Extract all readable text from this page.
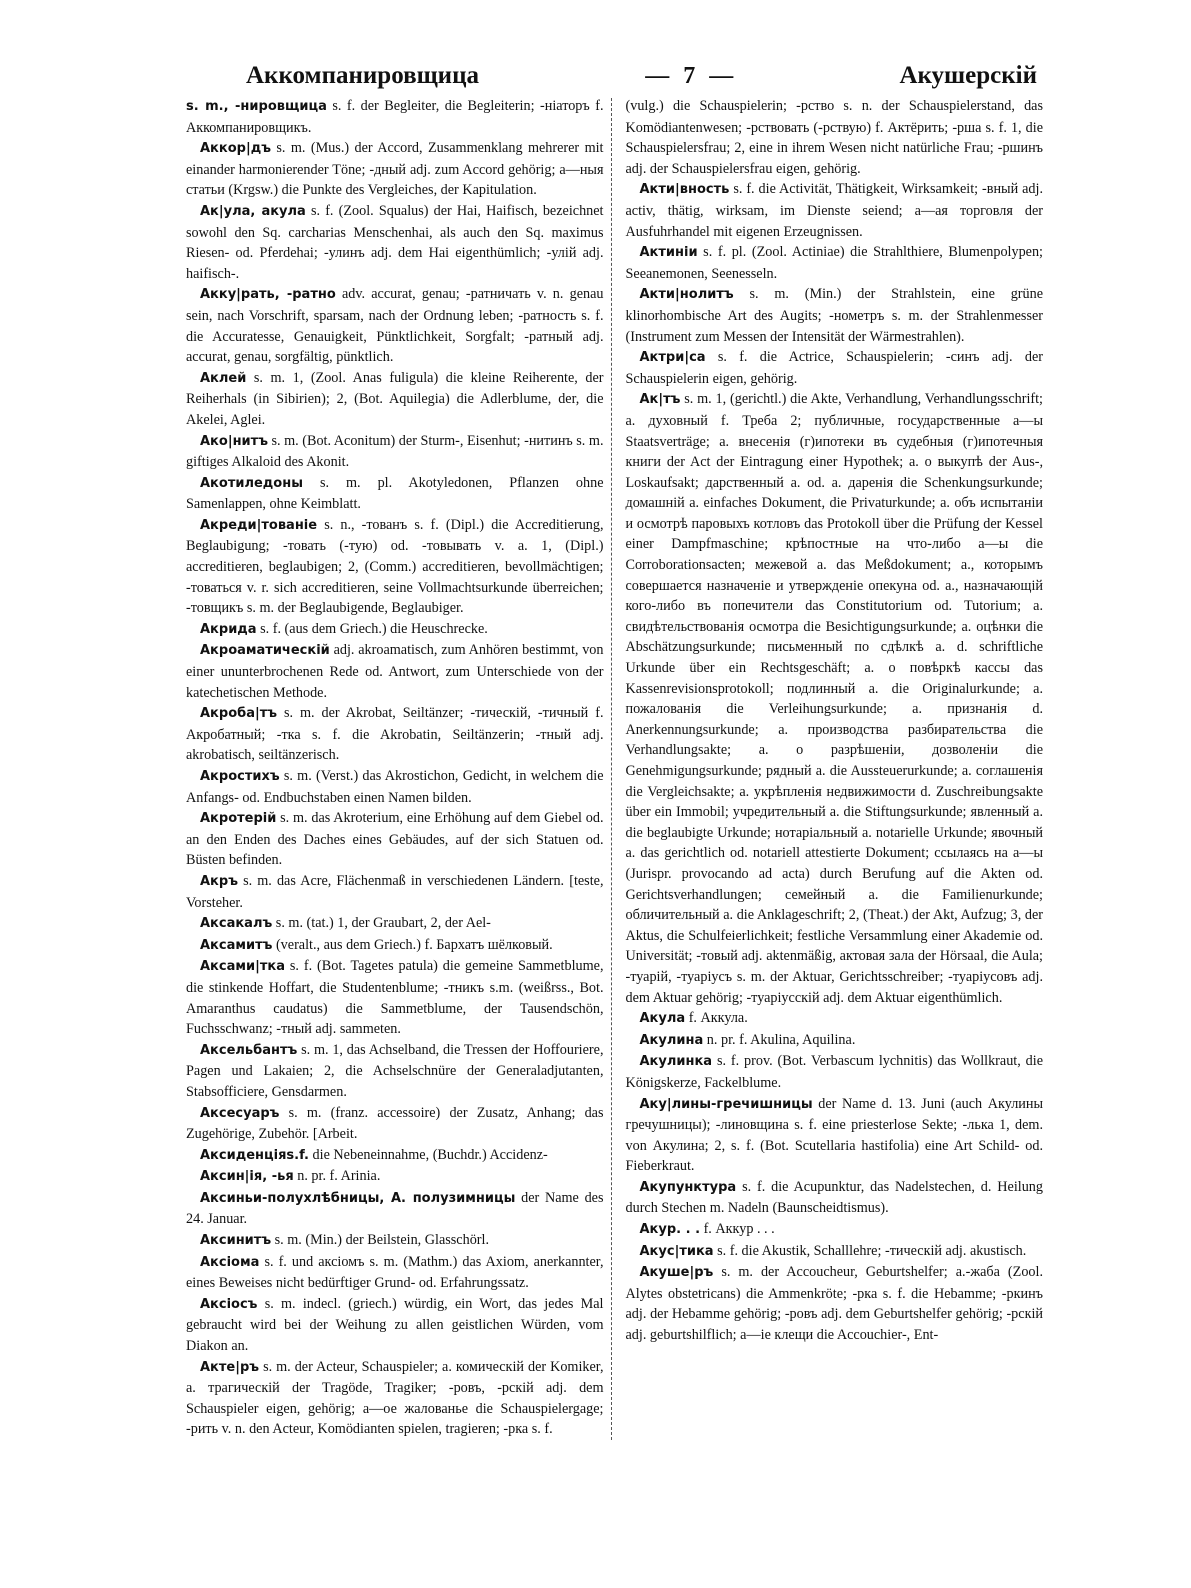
Аккомпанировщица	— 7 —	Акушерскій

s. m., -нировщица s. f. der Begleiter, die Begleiterin; -ніаторъ f. Аккомпанировщикъ.

Аккор|дъ s. m. (Mus.) der Accord, Zusammenklang mehrerer mit einander harmonierender Töne; -дный adj. zum Accord gehörig; а—ныя статьи (Krgsw.) die Punkte des Vergleiches, der Kapitulation.

Ак|ула, акула s. f. (Zool. Squalus) der Hai, Haifisch, bezeichnet sowohl den Sq. carcharias Menschenhai, als auch den Sq. maximus Riesen- od. Pferdehai; -улинъ adj. dem Hai eigenthümlich; -улій adj. haifisch-.

Акку|рать, -ратно adv. accurat, genau; -ратничать v. n. genau sein, nach Vorschrift, sparsam, nach der Ordnung leben; -ратность s. f. die Accuratesse, Genauigkeit, Pünktlichkeit, Sorgfalt; -ратный adj. accurat, genau, sorgfältig, pünktlich.

Аклей s. m. 1, (Zool. Anas fuligula) die kleine Reiherente, der Reiherhals (in Sibirien); 2, (Bot. Aquilegia) die Adlerblume, der, die Akelei, Aglei.

Ако|нитъ s. m. (Bot. Aconitum) der Sturm-, Eisenhut; -нитинъ s. m. giftiges Alkaloid des Akonit.

Акотиледоны s. m. pl. Akotyledonen, Pflanzen ohne Samenlappen, ohne Keimblatt.

Акреди|тованіе s. n., -тованъ s. f. (Dipl.) die Accreditierung, Beglaubigung; -товать (-тую) od. -товывать v. a. 1, (Dipl.) accreditieren, beglaubigen; 2, (Comm.) accreditieren, bevollmächtigen; -товаться v. r. sich accreditieren, seine Vollmachtsurkunde überreichen; -товщикъ s. m. der Beglaubigende, Beglaubiger.

Акрида s. f. (aus dem Griech.) die Heuschrecke.

Акроаматическій adj. akroamatisch, zum Anhören bestimmt, von einer ununterbrochenen Rede od. Antwort, zum Unterschiede von der katechetischen Methode.

Акроба|тъ s. m. der Akrobat, Seiltänzer; -тическій, -тичный f. Акробатный; -тка s. f. die Akrobatin, Seiltänzerin; -тный adj. akrobatisch, seiltänzerisch.

Акростихъ s. m. (Verst.) das Akrostichon, Gedicht, in welchem die Anfangs- od. Endbuchstaben einen Namen bilden.

Акротерій s. m. das Akroterium, eine Erhöhung auf dem Giebel od. an den Enden des Daches eines Gebäudes, auf der sich Statuen od. Büsten befinden.

Акръ s. m. das Acre, Flächenmaß in verschiedenen Ländern. [teste, Vorsteher.

Аксакалъ s. m. (tat.) 1, der Graubart, 2, der Ael-

Аксамитъ (veralt., aus dem Griech.) f. Бархатъ шёлковый.

Аксами|тка s. f. (Bot. Tagetes patula) die gemeine Sammetblume, die stinkende Hoffart, die Studentenblume; -тникъ s.m. (weißrss., Bot. Amaranthus caudatus) die Sammetblume, der Tausendschön, Fuchsschwanz; -тный adj. sammeten.

Аксельбантъ s. m. 1, das Achselband, die Tressen der Hoffouriere, Pagen und Lakaien; 2, die Achselschnüre der Generaladjutanten, Stabsofficiere, Gensdarmen.

Аксесуаръ s. m. (franz. accessoire) der Zusatz, Anhang; das Zugehörige, Zubehör. [Arbeit.

Аксиденціяs.f. die Nebeneinnahme, (Buchdr.) Accidenz-

Аксин|ія, -ья n. pr. f. Arinia.

Аксиньи-полухлѣбницы, А. полузимницы der Name des 24. Januar.

Аксинитъ s. m. (Min.) der Beilstein, Glasschörl.

Аксіома s. f. und аксіомъ s. m. (Mathm.) das Axiom, anerkannter, eines Beweises nicht bedürftiger Grund- od. Erfahrungssatz.

Аксіосъ s. m. indecl. (griech.) würdig, ein Wort, das jedes Mal gebraucht wird bei der Weihung zu allen geistlichen Würden, vom Diakon an.

Акте|ръ s. m. der Acteur, Schauspieler; а. комическій der Komiker, а. трагическій der Tragöde, Tragiker; -ровъ, -рскій adj. dem Schauspieler eigen, gehörig; а—ое жалованье die Schauspielergage; -рить v. n. den Acteur, Komödianten spielen, tragieren; -рка s. f.

(vulg.) die Schauspielerin; -рство s. n. der Schauspielerstand, das Komödiantenwesen; -рствовать (-рствую) f. Актёрить; -рша s. f. 1, die Schauspielersfrau; 2, eine in ihrem Wesen nicht natürliche Frau; -ршинъ adj. der Schauspielersfrau eigen, gehörig.

Акти|вность s. f. die Activität, Thätigkeit, Wirksamkeit; -вный adj. activ, thätig, wirksam, im Dienste seiend; а—ая торговля der Ausfuhrhandel mit eigenen Erzeugnissen.

Актиніи s. f. pl. (Zool. Actiniae) die Strahlthiere, Blumenpolypen; Seeanemonen, Seenesseln.

Акти|нолитъ s. m. (Min.) der Strahlstein, eine grüne klinorhombische Art des Augits; -нометръ s. m. der Strahlenmesser (Instrument zum Messen der Intensität der Wärmestrahlen).

Актри|са s. f. die Actrice, Schauspielerin; -синъ adj. der Schauspielerin eigen, gehörig.

Ак|тъ s. m. 1, (gerichtl.) die Akte, Verhandlung, Verhandlungsschrift; а. духовный f. Треба 2; публичные, государственные а—ы Staatsverträge; а. внесенія (г)ипотеки въ судебныя (г)ипотечныя книги der Act der Eintragung einer Hypothek; а. о выкупѣ der Aus-, Loskaufsakt; дарственный а. od. а. даренія die Schenkungsurkunde; домашній а. einfaches Dokument, die Privaturkunde; а. объ испытаніи и осмотрѣ паровыхъ котловъ das Protokoll über die Prüfung der Kessel einer Dampfmaschine; крѣпостные на что-либо а—ы die Corroborationsacten; межевой а. das Meßdokument; а., которымъ совершается назначеніе и утвержденіе опекуна od. а., назначающій кого-либо въ попечители das Constitutorium od. Tutorium; а. свидѣтельствованія осмотра die Besichtigungsurkunde; а. оцѣнки die Abschätzungsurkunde; письменный по сдѣлкѣ а. d. schriftliche Urkunde über ein Rechtsgeschäft; а. о повѣркѣ кассы das Kassenrevisionsprotokoll; подлинный а. die Originalurkunde; а. пожалованія die Verleihungsurkunde; а. признанія d. Anerkennungsurkunde; а. производства разбирательства die Verhandlungsakte; а. о разрѣшеніи, дозволеніи die Genehmigungsurkunde; рядный а. die Aussteuerurkunde; а. соглашенія die Vergleichsakte; а. укрѣпленія недвижимости d. Zuschreibungsakte über ein Immobil; учредительный а. die Stiftungsurkunde; явленный а. die beglaubigte Urkunde; нотаріальный а. notarielle Urkunde; явочный а. das gerichtlich od. notariell attestierte Dokument; ссылаясь на а—ы (Jurispr. provocando ad acta) durch Berufung auf die Akten od. Gerichtsverhandlungen; семейный а. die Familienurkunde; обличительный а. die Anklageschrift; 2, (Theat.) der Akt, Aufzug; 3, der Aktus, die Schulfeierlichkeit; festliche Versammlung einer Akademie od. Universität; -товый adj. aktenmäßig, актовая зала der Hörsaal, die Aula; -туарій, -туаріусъ s. m. der Aktuar, Gerichtsschreiber; -туаріусовъ adj. dem Aktuar gehörig; -туаріусскій adj. dem Aktuar eigenthümlich.

Акула f. Аккула.

Акулина n. pr. f. Akulina, Aquilina.

Акулинка s. f. prov. (Bot. Verbascum lychnitis) das Wollkraut, die Königskerze, Fackelblume.

Аку|лины-гречишницы der Name d. 13. Juni (auch Акулины гречушницы); -линовщина s. f. eine priesterlose Sekte; -лька 1, dem. von Акулина; 2, s. f. (Bot. Scutellaria hastifolia) eine Art Schild- od. Fieberkraut.

Акупунктура s. f. die Acupunktur, das Nadelstechen, d. Heilung durch Stechen m. Nadeln (Baunscheidtismus).

Акур. . . f. Аккур . . .

Акус|тика s. f. die Akustik, Schalllehre; -тическій adj. akustisch.

Акуше|ръ s. m. der Accoucheur, Geburtshelfer; а.-жаба (Zool. Alytes obstetricans) die Ammenkröte; -рка s. f. die Hebamme; -ркинъ adj. der Hebamme gehörig; -ровъ adj. dem Geburtshelfer gehörig; -рскій adj. geburtshilflich; а—іе клещи die Accouchier-, Ent-
